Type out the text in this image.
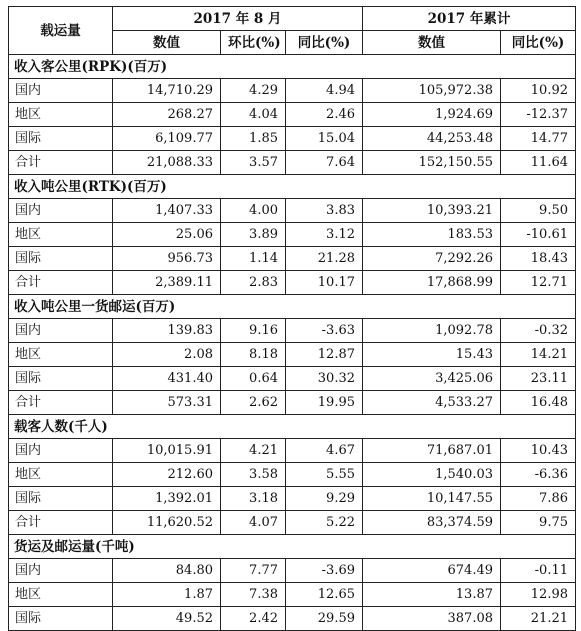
载运量	2017 年 8 月			2017 年累计	
	数值	环比(%)	同比(%)	数值	同比(%)
收入客公里(RPK)(百万)					
国内	14,710.29	4.29	4.94	105,972.38	10.92
地区	268.27	4.04	2.46	1,924.69	-12.37
国际	6,109.77	1.85	15.04	44,253.48	14.77
合计	21,088.33	3.57	7.64	152,150.55	11.64
收入吨公里(RTK)(百万)					
国内	1,407.33	4.00	3.83	10,393.21	9.50
地区	25.06	3.89	3.12	183.53	-10.61
国际	956.73	1.14	21.28	7,292.26	18.43
合计	2,389.11	2.83	10.17	17,868.99	12.71
收入吨公里一货邮运(百万)					
国内	139.83	9.16	-3.63	1,092.78	-0.32
地区	2.08	8.18	12.87	15.43	14.21
国际	431.40	0.64	30.32	3,425.06	23.11
合计	573.31	2.62	19.95	4,533.27	16.48
载客人数(千人)					
国内	10,015.91	4.21	4.67	71,687.01	10.43
地区	212.60	3.58	5.55	1,540.03	-6.36
国际	1,392.01	3.18	9.29	10,147.55	7.86
合计	11,620.52	4.07	5.22	83,374.59	9.75
货运及邮运量(千吨)					
国内	84.80	7.77	-3.69	674.49	-0.11
地区	1.87	7.38	12.65	13.87	12.98
国际	49.52	2.42	29.59	387.08	21.21
